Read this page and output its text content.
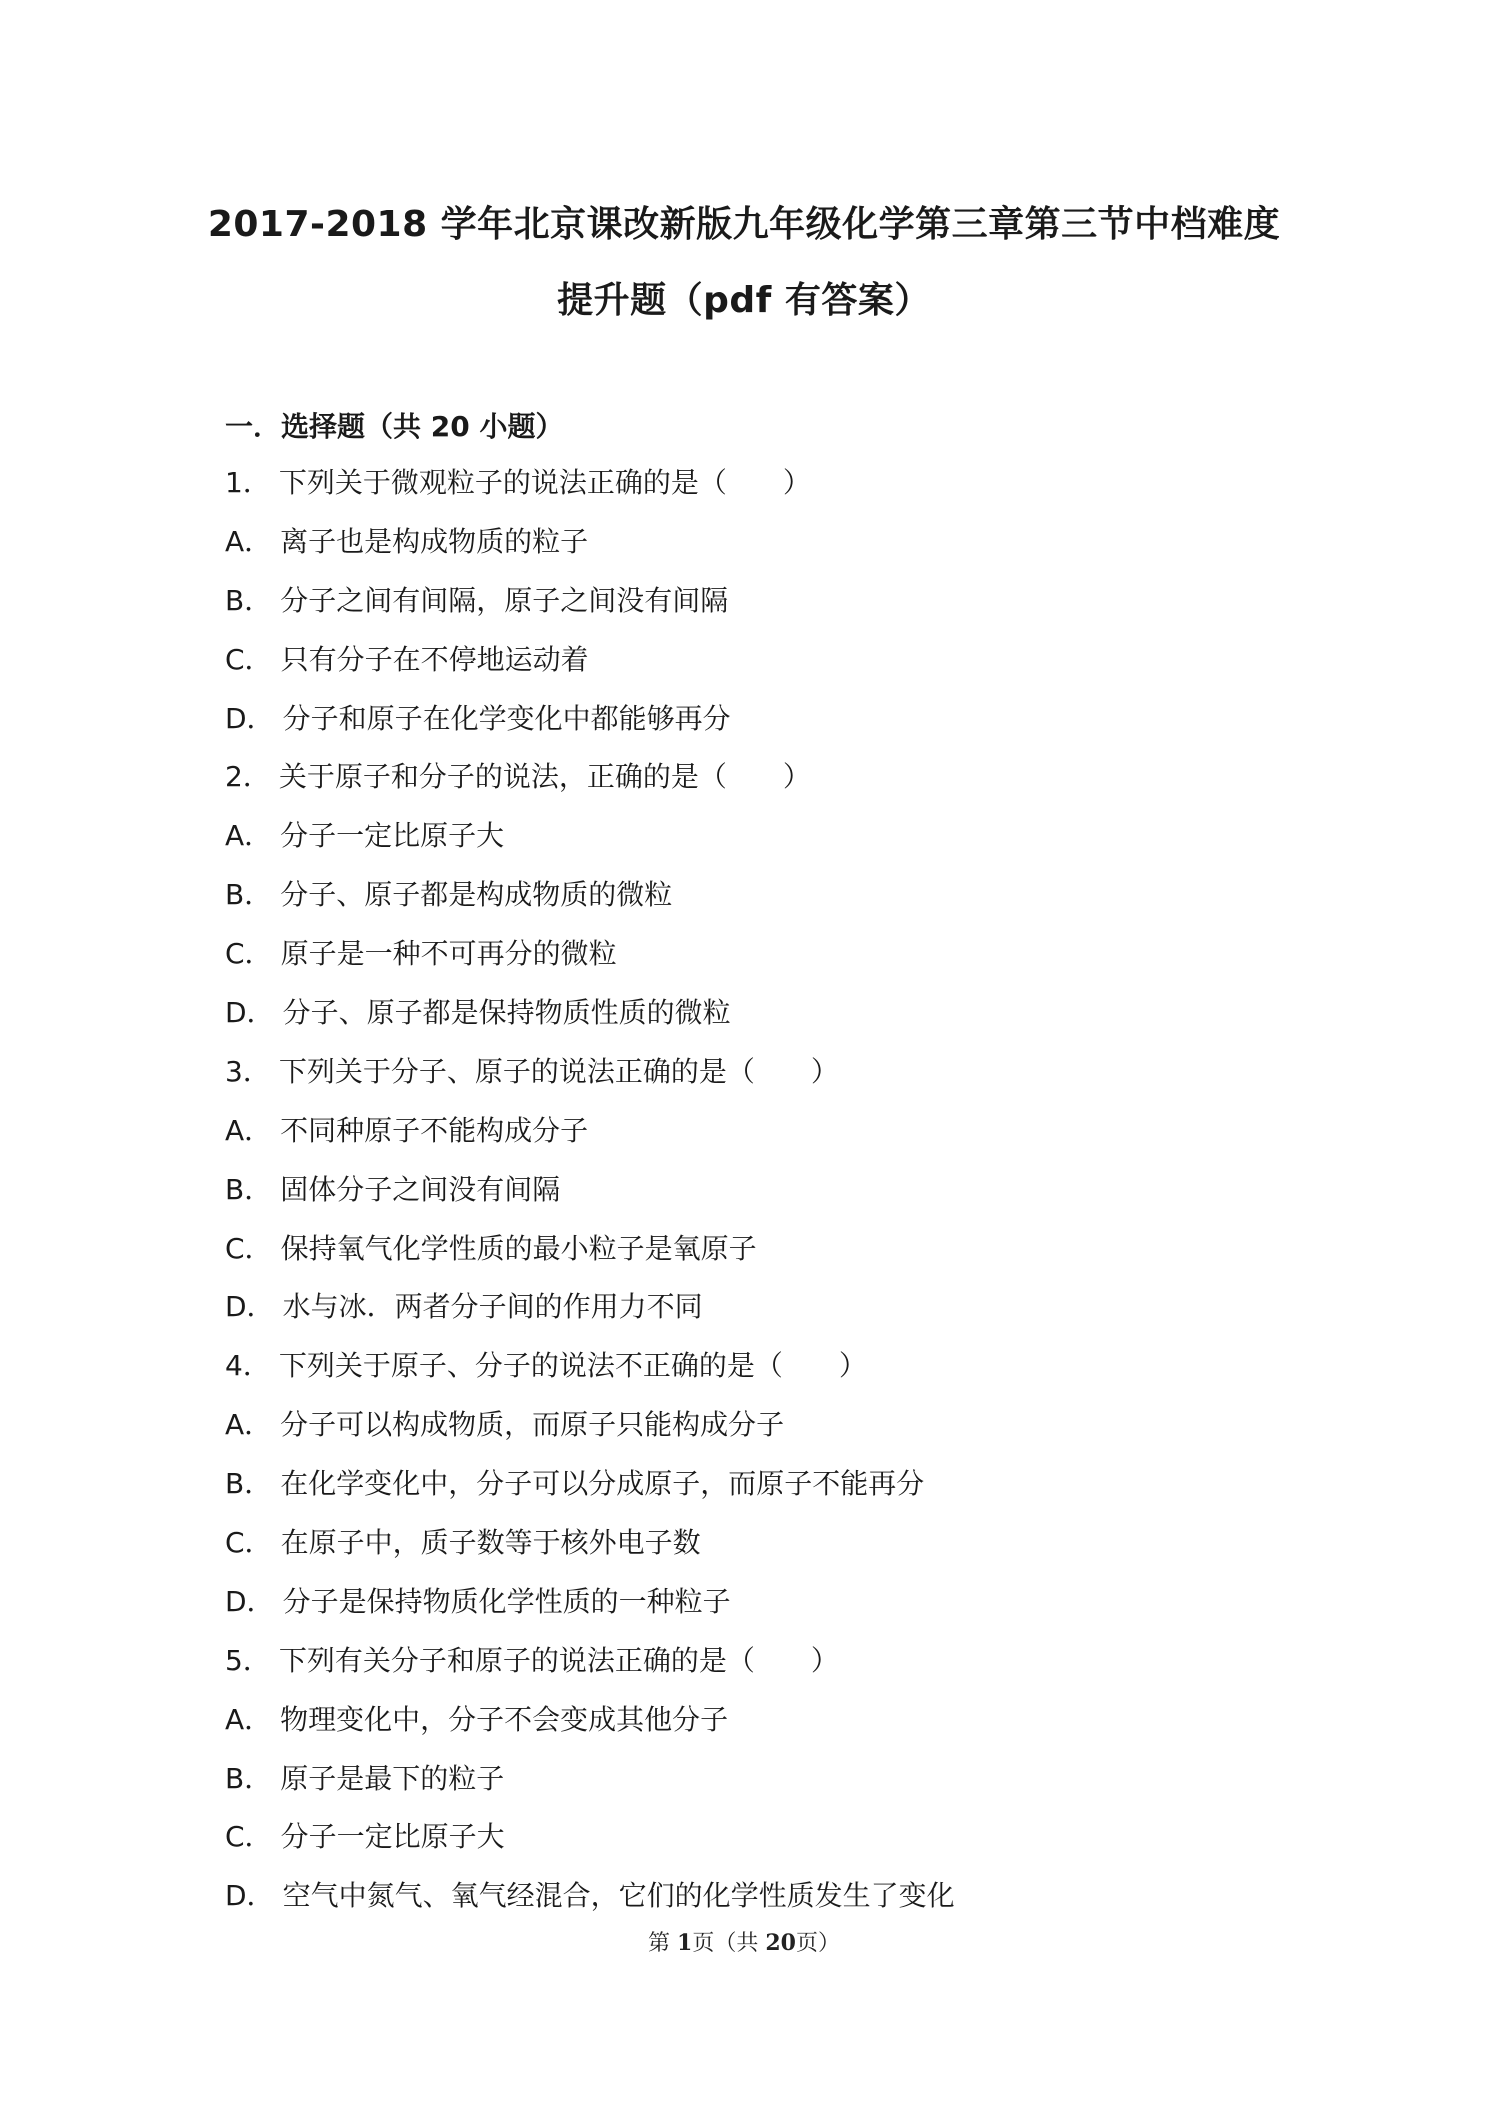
2017-2018 学年北京课改新版九年级化学第三章第三节中档难度
提升题（pdf 有答案）
一．选择题（共 20 小题）
1． 下列关于微观粒子的说法正确的是（　　）
A． 离子也是构成物质的粒子
B． 分子之间有间隔，原子之间没有间隔
C． 只有分子在不停地运动着
D． 分子和原子在化学变化中都能够再分
2． 关于原子和分子的说法，正确的是（　　）
A． 分子一定比原子大
B． 分子、原子都是构成物质的微粒
C． 原子是一种不可再分的微粒
D． 分子、原子都是保持物质性质的微粒
3． 下列关于分子、原子的说法正确的是（　　）
A． 不同种原子不能构成分子
B． 固体分子之间没有间隔
C． 保持氧气化学性质的最小粒子是氧原子
D． 水与冰．两者分子间的作用力不同
4． 下列关于原子、分子的说法不正确的是（　　）
A． 分子可以构成物质，而原子只能构成分子
B． 在化学变化中，分子可以分成原子，而原子不能再分
C． 在原子中，质子数等于核外电子数
D． 分子是保持物质化学性质的一种粒子
5． 下列有关分子和原子的说法正确的是（　　）
A． 物理变化中，分子不会变成其他分子
B． 原子是最下的粒子
C． 分子一定比原子大
D． 空气中氮气、氧气经混合，它们的化学性质发生了变化
第 1页（共 20页）
